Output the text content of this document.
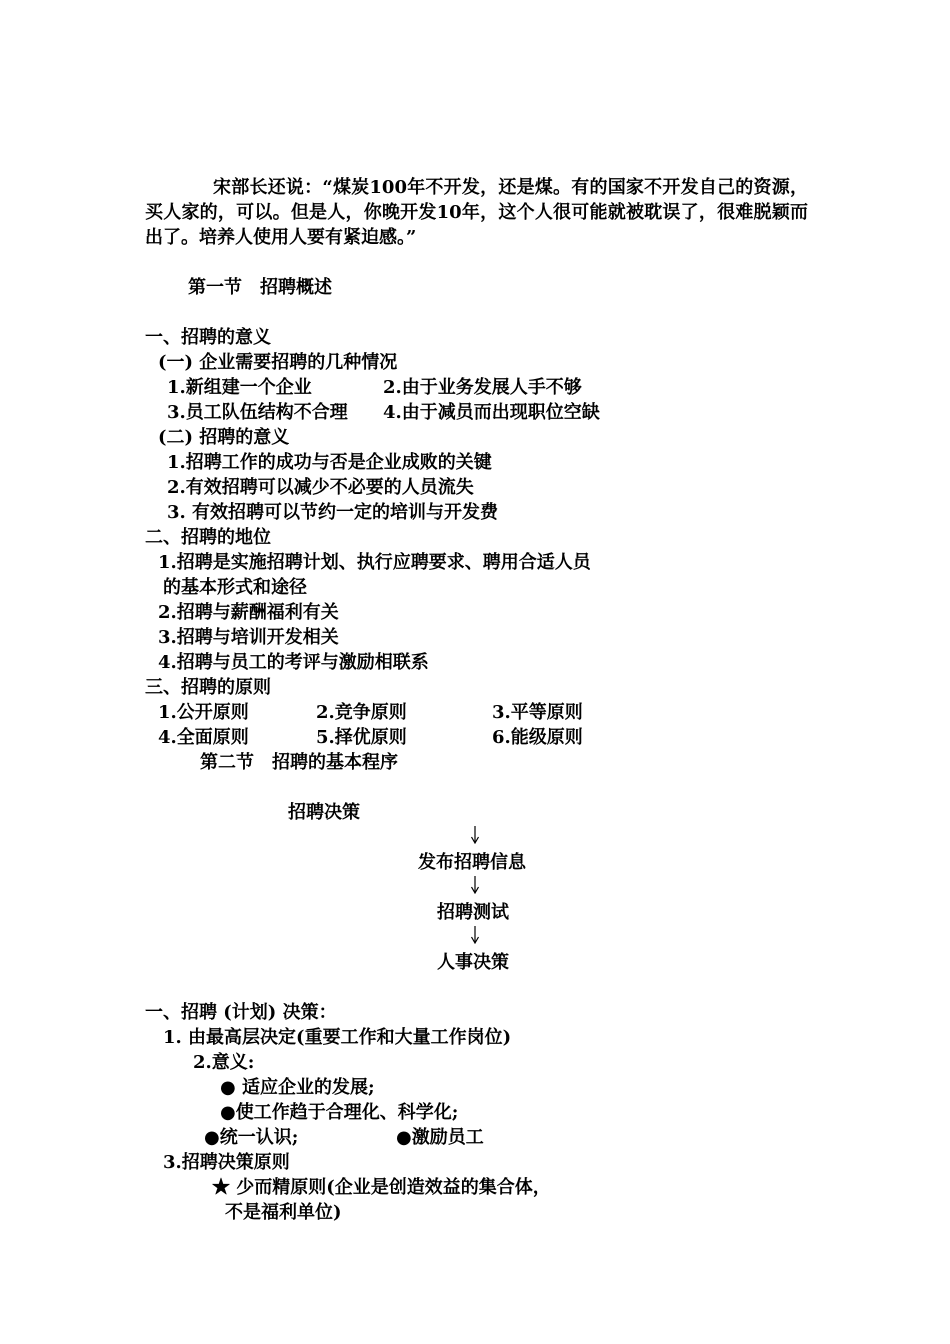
宋部长还说：“煤炭100年不开发，还是煤。有的国家不开发自己的资源，买人家的，可以。但是人，你晚开发10年，这个人很可能就被耽误了，很难脱颖而出了。培养人使用人要有紧迫感。”
第一节　招聘概述
一、招聘的意义
(一) 企业需要招聘的几种情况
1.新组建一个企业	2.由于业务发展人手不够
3.员工队伍结构不合理 4.由于减员而出现职位空缺
(二) 招聘的意义
1.招聘工作的成功与否是企业成败的关键
2.有效招聘可以减少不必要的人员流失
3. 有效招聘可以节约一定的培训与开发费
二、招聘的地位
1.招聘是实施招聘计划、执行应聘要求、聘用合适人员
的基本形式和途径
2.招聘与薪酬福利有关
3.招聘与培训开发相关
4.招聘与员工的考评与激励相联系
三、招聘的原则
1.公开原则	2.竞争原则	3.平等原则
4.全面原则	5.择优原则	6.能级原则
第二节　招聘的基本程序
招聘决策
发布招聘信息
招聘测试
人事决策
一、招聘 (计划) 决策：
1. 由最高层决定(重要工作和大量工作岗位)
2.意义:
● 适应企业的发展;
●使工作趋于合理化、科学化;
●统一认识;	●激励员工
3.招聘决策原则
★ 少而精原则(企业是创造效益的集合体，
不是福利单位)
